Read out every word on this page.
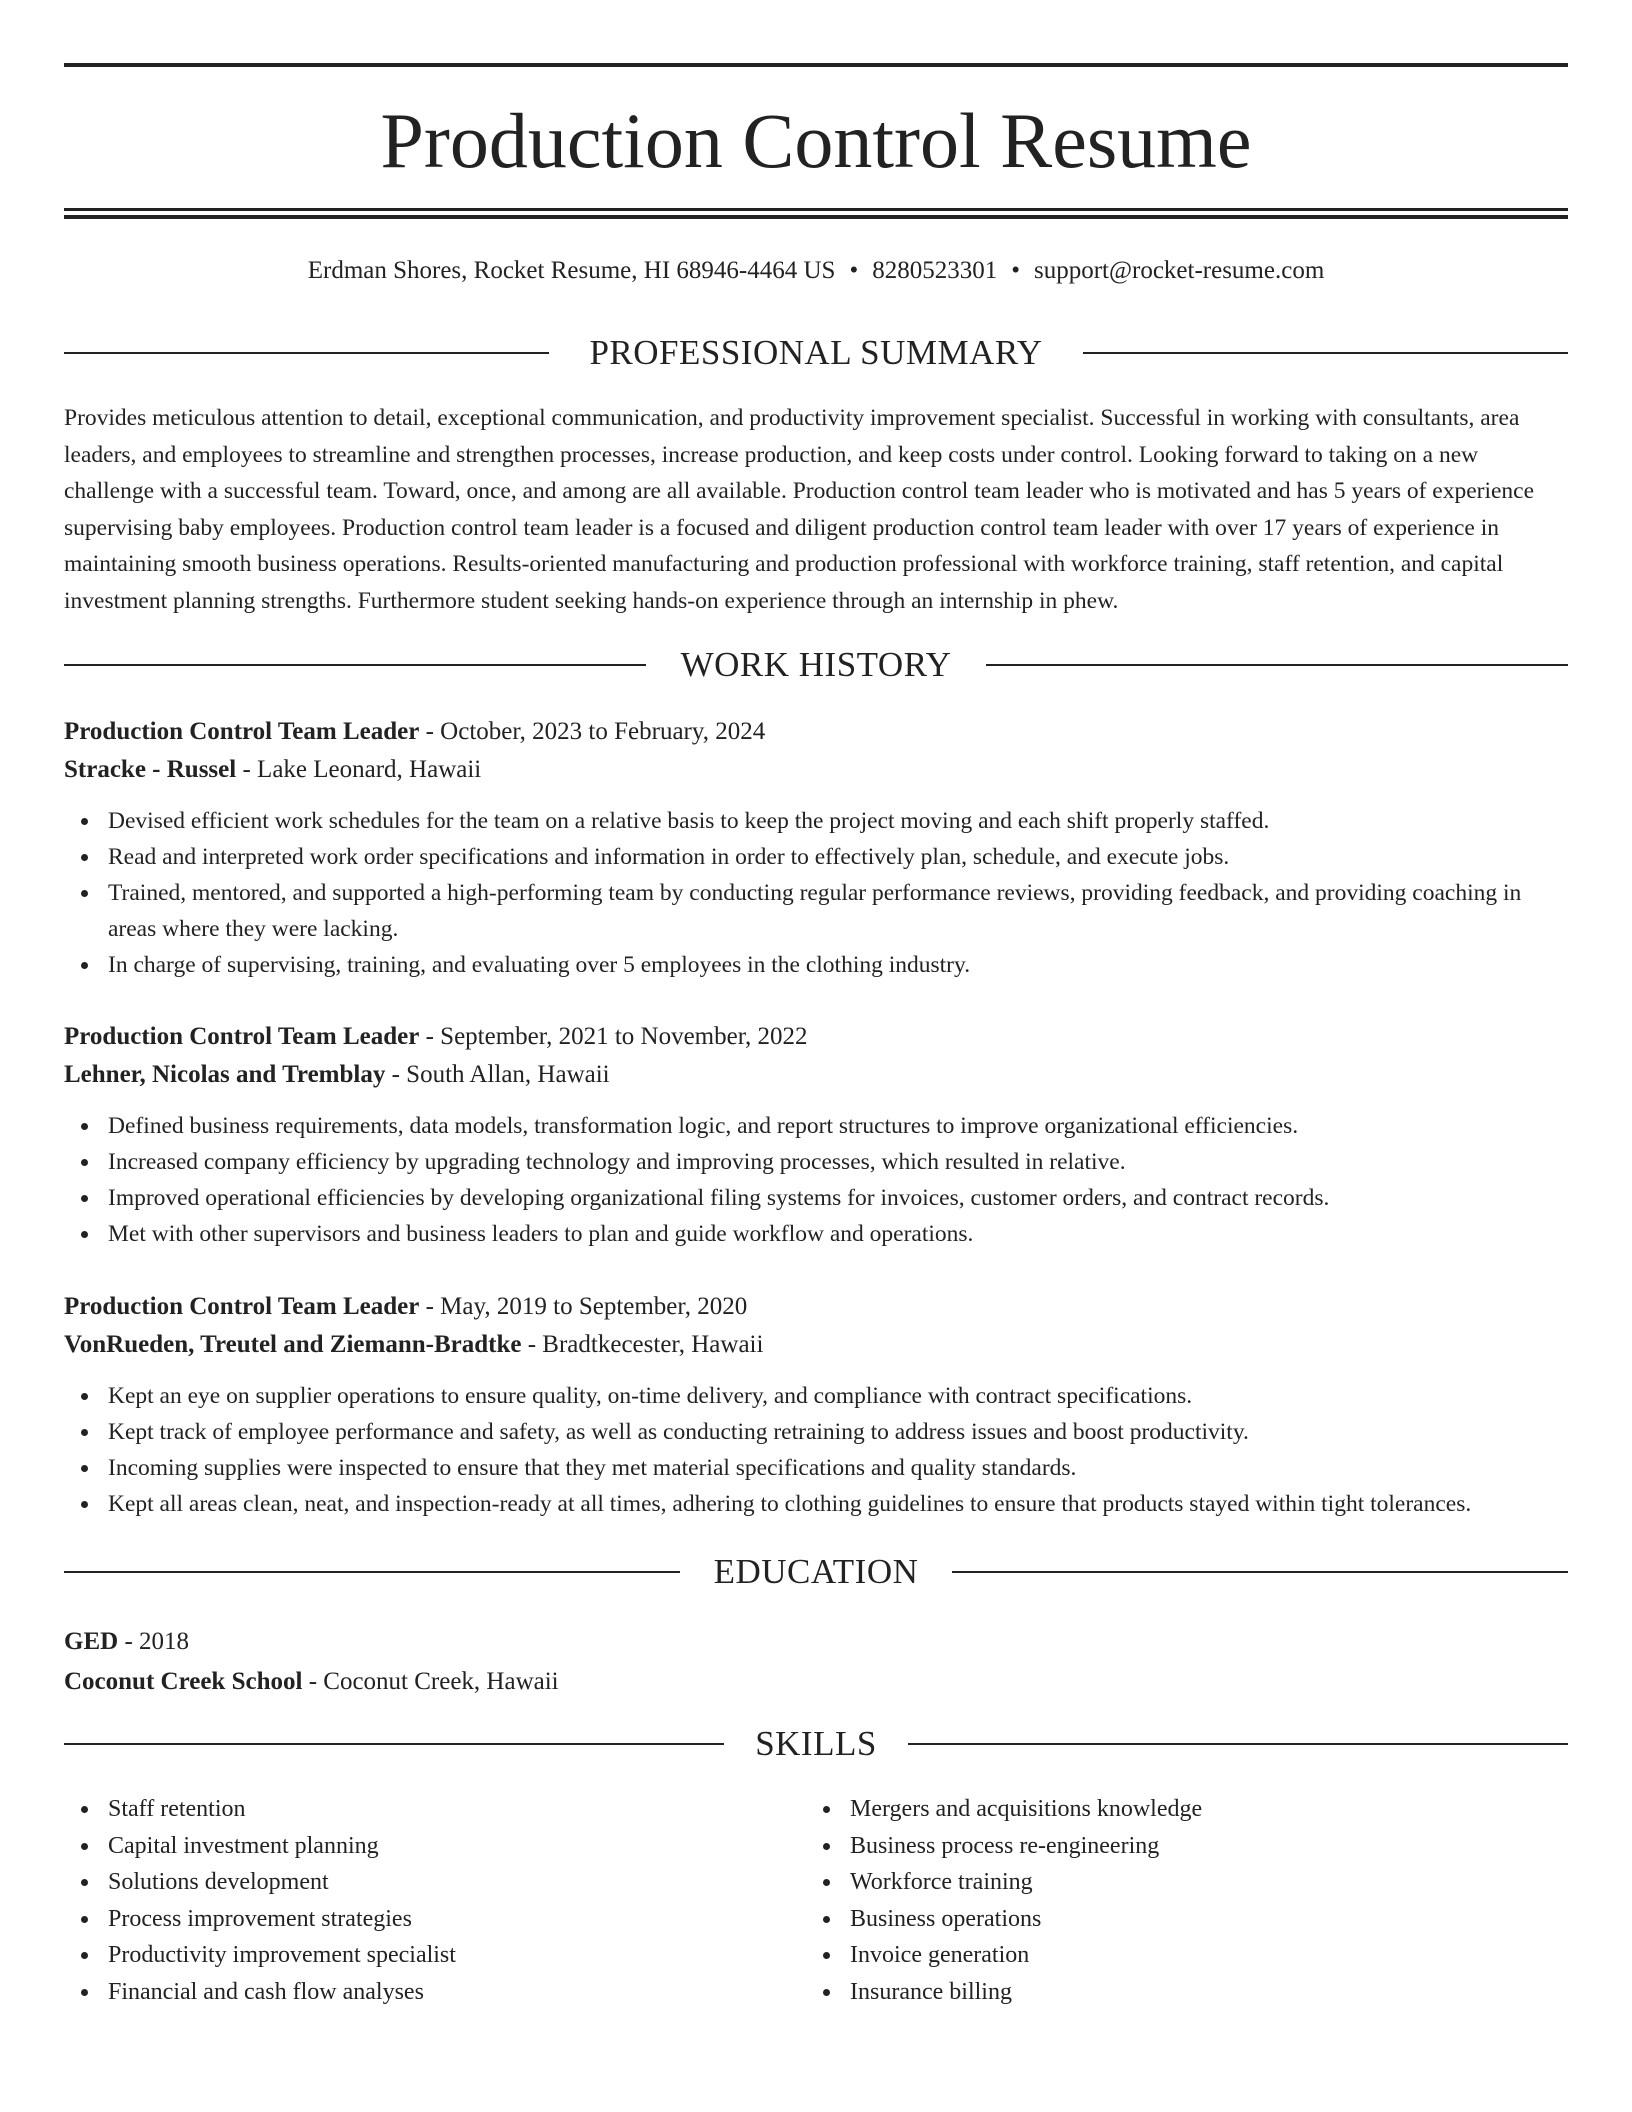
Production Control Resume
Erdman Shores, Rocket Resume, HI 68946-4464 US • 8280523301 • support@rocket-resume.com
PROFESSIONAL SUMMARY

Provides meticulous attention to detail, exceptional communication, and productivity improvement specialist. Successful in working with consultants, area leaders, and employees to streamline and strengthen processes, increase production, and keep costs under control. Looking forward to taking on a new challenge with a successful team. Toward, once, and among are all available. Production control team leader who is motivated and has 5 years of experience supervising baby employees. Production control team leader is a focused and diligent production control team leader with over 17 years of experience in maintaining smooth business operations. Results-oriented manufacturing and production professional with workforce training, staff retention, and capital investment planning strengths. Furthermore student seeking hands-on experience through an internship in phew.

WORK HISTORY
Production Control Team Leader - October, 2023 to February, 2024
Stracke - Russel - Lake Leonard, Hawaii
Devised efficient work schedules for the team on a relative basis to keep the project moving and each shift properly staffed.
Read and interpreted work order specifications and information in order to effectively plan, schedule, and execute jobs.
Trained, mentored, and supported a high-performing team by conducting regular performance reviews, providing feedback, and providing coaching in areas where they were lacking.
In charge of supervising, training, and evaluating over 5 employees in the clothing industry.
Production Control Team Leader - September, 2021 to November, 2022
Lehner, Nicolas and Tremblay - South Allan, Hawaii
Defined business requirements, data models, transformation logic, and report structures to improve organizational efficiencies.
Increased company efficiency by upgrading technology and improving processes, which resulted in relative.
Improved operational efficiencies by developing organizational filing systems for invoices, customer orders, and contract records.
Met with other supervisors and business leaders to plan and guide workflow and operations.
Production Control Team Leader - May, 2019 to September, 2020
VonRueden, Treutel and Ziemann-Bradtke - Bradtkecester, Hawaii
Kept an eye on supplier operations to ensure quality, on-time delivery, and compliance with contract specifications.
Kept track of employee performance and safety, as well as conducting retraining to address issues and boost productivity.
Incoming supplies were inspected to ensure that they met material specifications and quality standards.
Kept all areas clean, neat, and inspection-ready at all times, adhering to clothing guidelines to ensure that products stayed within tight tolerances.
EDUCATION
GED - 2018
Coconut Creek School - Coconut Creek, Hawaii
SKILLS
Staff retention
Capital investment planning
Solutions development
Process improvement strategies
Productivity improvement specialist
Financial and cash flow analyses
Mergers and acquisitions knowledge
Business process re-engineering
Workforce training
Business operations
Invoice generation
Insurance billing
